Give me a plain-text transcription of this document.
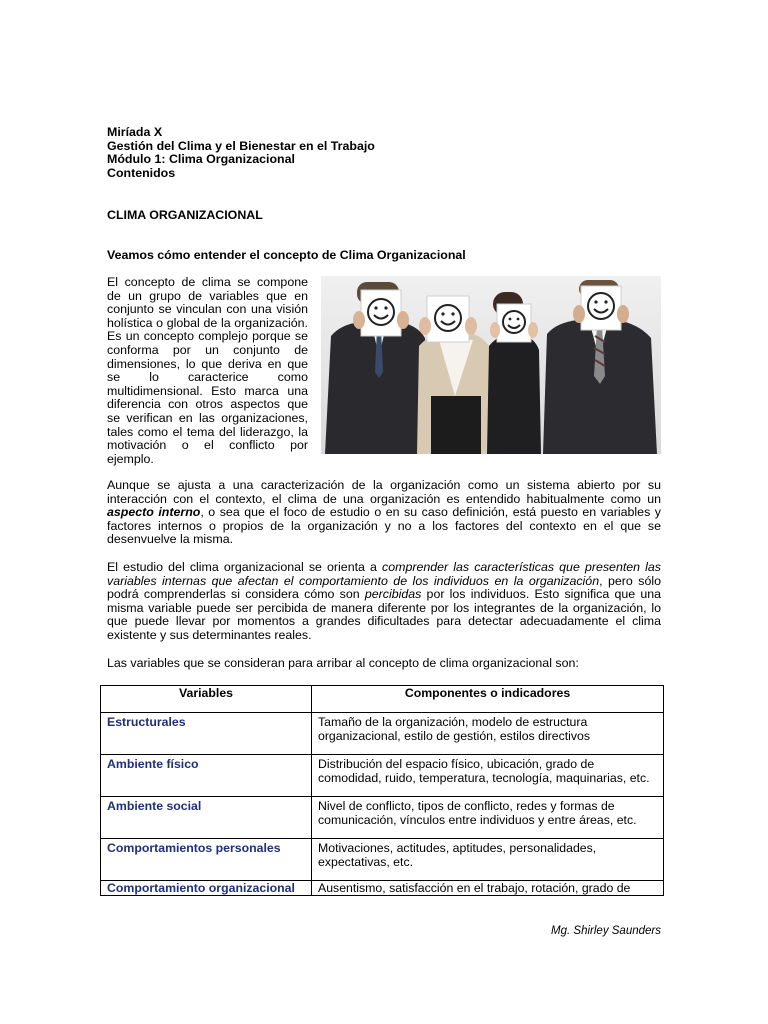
Miríada X
Gestión del Clima y el Bienestar en el Trabajo
Módulo 1: Clima Organizacional
Contenidos
CLIMA ORGANIZACIONAL
Veamos cómo entender el concepto de Clima Organizacional
El concepto de clima se compone de un grupo de variables que en conjunto se vinculan con una visión holística o global de la organización. Es un concepto complejo porque se conforma por un conjunto de dimensiones, lo que deriva en que se lo caracterice como multidimensional. Esto marca una diferencia con otros aspectos que se verifican en las organizaciones, tales como el tema del liderazgo, la motivación o el conflicto por ejemplo.
Aunque se ajusta a una caracterización de la organización como un sistema abierto por su interacción con el contexto, el clima de una organización es entendido habitualmente como un aspecto interno, o sea que el foco de estudio o en su caso definición, está puesto en variables y factores internos o propios de la organización y no a los factores del contexto en el que se desenvuelve la misma.
El estudio del clima organizacional se orienta a comprender las características que presenten las variables internas que afectan el comportamiento de los individuos en la organización, pero sólo podrá comprenderlas si considera cómo son percibidas por los individuos. Esto significa que una misma variable puede ser percibida de manera diferente por los integrantes de la organización, lo que puede llevar por momentos a grandes dificultades para detectar adecuadamente el clima existente y sus determinantes reales.
Las variables que se consideran para arribar al concepto de clima organizacional son:
Variables	Componentes o indicadores
Estructurales	Tamaño de la organización, modelo de estructura organizacional, estilo de gestión, estilos directivos
Ambiente físico	Distribución del espacio físico, ubicación, grado de comodidad, ruido, temperatura, tecnología, maquinarias, etc.
Ambiente social	Nivel de conflicto, tipos de conflicto, redes y formas de comunicación, vínculos entre individuos y entre áreas, etc.
Comportamientos personales	Motivaciones, actitudes, aptitudes, personalidades, expectativas, etc.
Comportamiento organizacional	Ausentismo, satisfacción en el trabajo, rotación, grado de
Mg. Shirley Saunders
